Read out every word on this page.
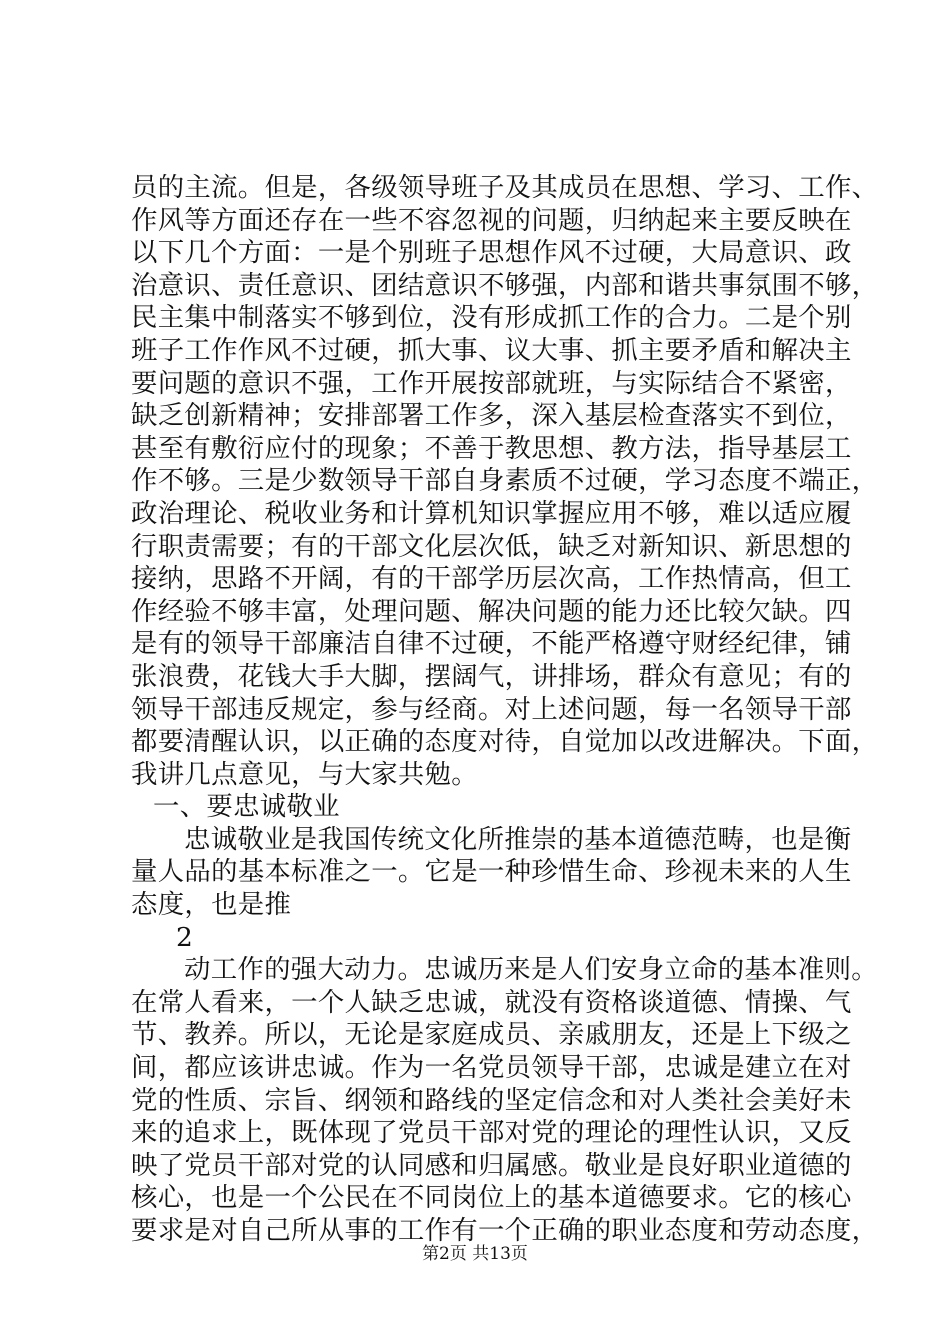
员的主流。但是，各级领导班子及其成员在思想、学习、工作、
作风等方面还存在一些不容忽视的问题，归纳起来主要反映在
以下几个方面：一是个别班子思想作风不过硬，大局意识、政
治意识、责任意识、团结意识不够强，内部和谐共事氛围不够，
民主集中制落实不够到位，没有形成抓工作的合力。二是个别
班子工作作风不过硬，抓大事、议大事、抓主要矛盾和解决主
要问题的意识不强，工作开展按部就班，与实际结合不紧密，
缺乏创新精神；安排部署工作多，深入基层检查落实不到位，
甚至有敷衍应付的现象；不善于教思想、教方法，指导基层工
作不够。三是少数领导干部自身素质不过硬，学习态度不端正，
政治理论、税收业务和计算机知识掌握应用不够，难以适应履
行职责需要；有的干部文化层次低，缺乏对新知识、新思想的
接纳，思路不开阔，有的干部学历层次高，工作热情高，但工
作经验不够丰富，处理问题、解决问题的能力还比较欠缺。四
是有的领导干部廉洁自律不过硬，不能严格遵守财经纪律，铺
张浪费，花钱大手大脚，摆阔气，讲排场，群众有意见；有的
领导干部违反规定，参与经商。对上述问题，每一名领导干部
都要清醒认识，以正确的态度对待，自觉加以改进解决。下面，
我讲几点意见，与大家共勉。
一、要忠诚敬业
忠诚敬业是我国传统文化所推崇的基本道德范畴，也是衡
量人品的基本标准之一。它是一种珍惜生命、珍视未来的人生
态度，也是推
2
动工作的强大动力。忠诚历来是人们安身立命的基本准则。
在常人看来，一个人缺乏忠诚，就没有资格谈道德、情操、气
节、教养。所以，无论是家庭成员、亲戚朋友，还是上下级之
间，都应该讲忠诚。作为一名党员领导干部，忠诚是建立在对
党的性质、宗旨、纲领和路线的坚定信念和对人类社会美好未
来的追求上，既体现了党员干部对党的理论的理性认识，又反
映了党员干部对党的认同感和归属感。敬业是良好职业道德的
核心，也是一个公民在不同岗位上的基本道德要求。它的核心
要求是对自己所从事的工作有一个正确的职业态度和劳动态度，
第2页 共13页
